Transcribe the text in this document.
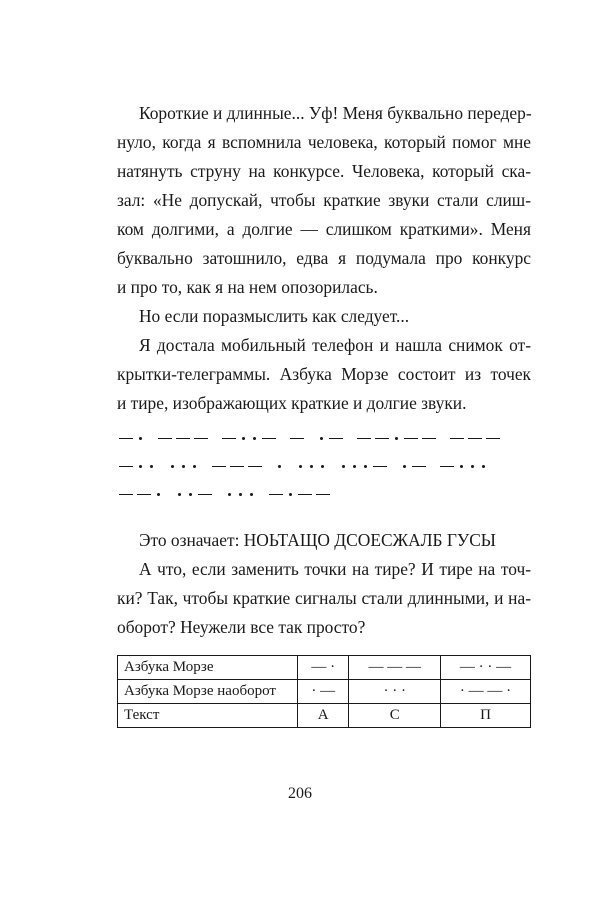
Короткие и длинные... Уф! Меня буквально передер-
нуло, когда я вспомнила человека, который помог мне
натянуть струну на конкурсе. Человека, который ска-
зал: «Не допускай, чтобы краткие звуки стали слиш-
ком долгими, а долгие — слишком краткими». Меня
буквально затошнило, едва я подумала про конкурс
и про то, как я на нем опозорилась.
Но если поразмыслить как следует...
Я достала мобильный телефон и нашла снимок от-
крытки-телеграммы. Азбука Морзе состоит из точек
и тире, изображающих краткие и долгие звуки.
Это означает: НОЬТАЩО ДСОЕСЖАЛБ ГУСЫ
А что, если заменить точки на тире? И тире на точ-
ки? Так, чтобы краткие сигналы стали длинными, и на-
оборот? Неужели все так просто?
Азбука Морзе	— ·	— — —	— · · —
Азбука Морзе наоборот	· —	· · ·	· — — ·
Текст	А	С	П
206
